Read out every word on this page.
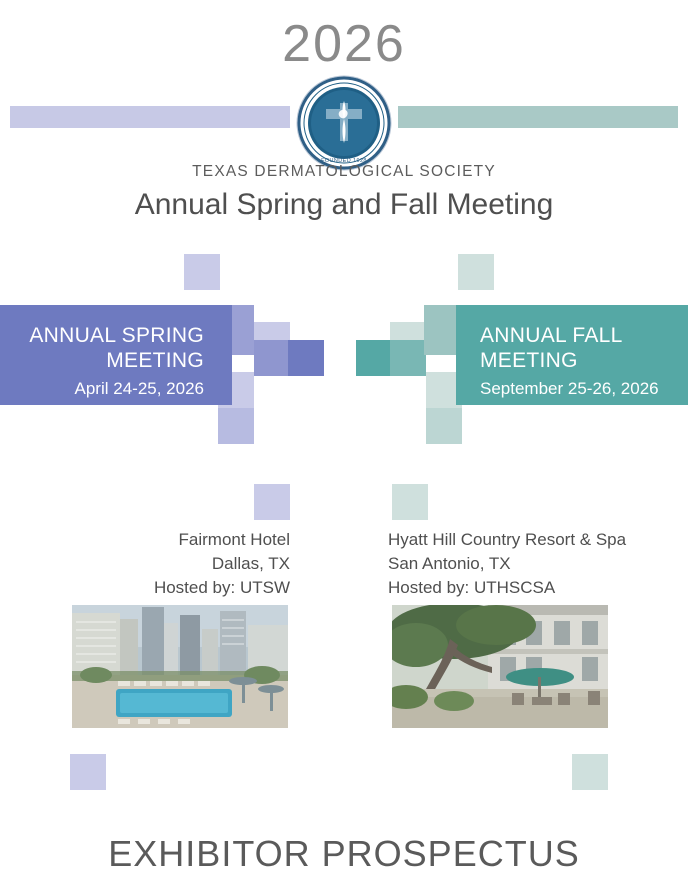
2026
FOUNDED 1928
TEXAS DERMATOLOGICAL SOCIETY
Annual Spring and Fall Meeting
ANNUAL SPRING MEETING
April 24-25, 2026
ANNUAL FALL MEETING
September 25-26, 2026
Fairmont Hotel
Dallas, TX
Hosted by: UTSW
Hyatt Hill Country Resort & Spa
San Antonio, TX
Hosted by: UTHSCSA
EXHIBITOR PROSPECTUS
